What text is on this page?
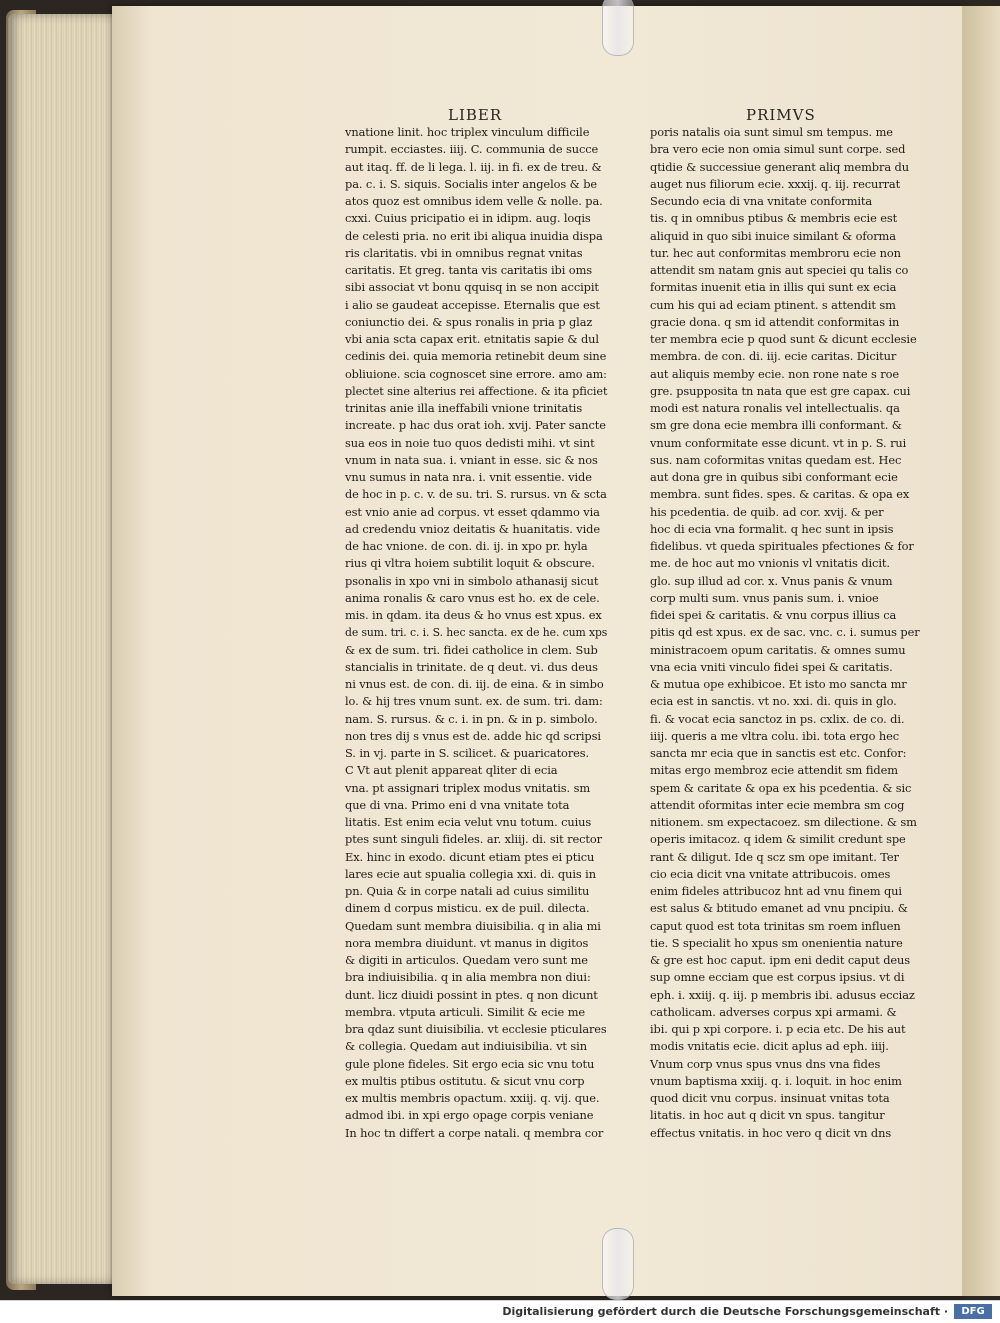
LIBER	PRIMVS
vnatione linit. hoc triplex vinculum difficile
rumpit. ecciastes. iiij. C. communia de succe
aut itaq. ff. de li lega. l. iij. in fi. ex de treu. &
pa. c. i. S. siquis. Socialis inter angelos & be
atos quoz est omnibus idem velle & nolle. pa.
cxxi. Cuius pricipatio ei in idipm. aug. loqis
de celesti pria. no erit ibi aliqua inuidia dispa
ris claritatis. vbi in omnibus regnat vnitas
caritatis. Et greg. tanta vis caritatis ibi oms
sibi associat vt bonu qquisq in se non accipit
i alio se gaudeat accepisse. Eternalis que est
coniunctio dei. & spus ronalis in pria p glaz
vbi ania scta capax erit. etnitatis sapie & dul
cedinis dei. quia memoria retinebit deum sine
obliuione. scia cognoscet sine errore. amo am:
plectet sine alterius rei affectione. & ita pficiet
trinitas anie illa ineffabili vnione trinitatis
increate. p hac dus orat ioh. xvij. Pater sancte
sua eos in noie tuo quos dedisti mihi. vt sint
vnum in nata sua. i. vniant in esse. sic & nos
vnu sumus in nata nra. i. vnit essentie. vide
de hoc in p. c. v. de su. tri. S. rursus. vn & scta
est vnio anie ad corpus. vt esset qdammo via
ad credendu vnioz deitatis & huanitatis. vide
de hac vnione. de con. di. ij. in xpo pr. hyla
rius qi vltra hoiem subtilit loquit & obscure.
psonalis in xpo vni in simbolo athanasij sicut
anima ronalis & caro vnus est ho. ex de cele.
mis. in qdam. ita deus & ho vnus est xpus. ex
de sum. tri. c. i. S. hec sancta. ex de he. cum xps
& ex de sum. tri. fidei catholice in clem. Sub
stancialis in trinitate. de q deut. vi. dus deus
ni vnus est. de con. di. iij. de eina. & in simbo
lo. & hij tres vnum sunt. ex. de sum. tri. dam:
nam. S. rursus. & c. i. in pn. & in p. simbolo.
non tres dij s vnus est de. adde hic qd scripsi
S. in vj. parte in S. scilicet. & puaricatores.
C Vt aut plenit appareat qliter di ecia
vna. pt assignari triplex modus vnitatis. sm
que di vna. Primo eni d vna vnitate tota
litatis. Est enim ecia velut vnu totum. cuius
ptes sunt singuli fideles. ar. xliij. di. sit rector
Ex. hinc in exodo. dicunt etiam ptes ei pticu
lares ecie aut spualia collegia xxi. di. quis in
pn. Quia & in corpe natali ad cuius similitu
dinem d corpus misticu. ex de puil. dilecta.
Quedam sunt membra diuisibilia. q in alia mi
nora membra diuidunt. vt manus in digitos
& digiti in articulos. Quedam vero sunt me
bra indiuisibilia. q in alia membra non diui:
dunt. licz diuidi possint in ptes. q non dicunt
membra. vtputa articuli. Similit & ecie me
bra qdaz sunt diuisibilia. vt ecclesie pticulares
& collegia. Quedam aut indiuisibilia. vt sin
gule plone fideles. Sit ergo ecia sic vnu totu
ex multis ptibus ostitutu. & sicut vnu corp
ex multis membris opactum. xxiij. q. vij. que.
admod ibi. in xpi ergo opage corpis veniane
In hoc tn differt a corpe natali. q membra cor
poris natalis oia sunt simul sm tempus. me
bra vero ecie non omia simul sunt corpe. sed
qtidie & successiue generant aliq membra du
auget nus filiorum ecie. xxxij. q. iij. recurrat
Secundo ecia di vna vnitate conformita
tis. q in omnibus ptibus & membris ecie est
aliquid in quo sibi inuice similant & oforma
tur. hec aut conformitas membroru ecie non
attendit sm natam gnis aut speciei qu talis co
formitas inuenit etia in illis qui sunt ex ecia
cum his qui ad eciam ptinent. s attendit sm
gracie dona. q sm id attendit conformitas in
ter membra ecie p quod sunt & dicunt ecclesie
membra. de con. di. iij. ecie caritas. Dicitur
aut aliquis memby ecie. non rone nate s roe
gre. psupposita tn nata que est gre capax. cui
modi est natura ronalis vel intellectualis. qa
sm gre dona ecie membra illi conformant. &
vnum conformitate esse dicunt. vt in p. S. rui
sus. nam coformitas vnitas quedam est. Hec
aut dona gre in quibus sibi conformant ecie
membra. sunt fides. spes. & caritas. & opa ex
his pcedentia. de quib. ad cor. xvij. & per
hoc di ecia vna formalit. q hec sunt in ipsis
fidelibus. vt queda spirituales pfectiones & for
me. de hoc aut mo vnionis vl vnitatis dicit.
glo. sup illud ad cor. x. Vnus panis & vnum
corp multi sum. vnus panis sum. i. vnioe
fidei spei & caritatis. & vnu corpus illius ca
pitis qd est xpus. ex de sac. vnc. c. i. sumus per
ministracoem opum caritatis. & omnes sumu
vna ecia vniti vinculo fidei spei & caritatis.
& mutua ope exhibicoe. Et isto mo sancta mr
ecia est in sanctis. vt no. xxi. di. quis in glo.
fi. & vocat ecia sanctoz in ps. cxlix. de co. di.
iiij. queris a me vltra colu. ibi. tota ergo hec
sancta mr ecia que in sanctis est etc. Confor:
mitas ergo membroz ecie attendit sm fidem
spem & caritate & opa ex his pcedentia. & sic
attendit oformitas inter ecie membra sm cog
nitionem. sm expectacoez. sm dilectione. & sm
operis imitacoz. q idem & similit credunt spe
rant & diligut. Ide q scz sm ope imitant. Ter
cio ecia dicit vna vnitate attribucois. omes
enim fideles attribucoz hnt ad vnu finem qui
est salus & btitudo emanet ad vnu pncipiu. &
caput quod est tota trinitas sm roem influen
tie. S specialit ho xpus sm onenientia nature
& gre est hoc caput. ipm eni dedit caput deus
sup omne ecciam que est corpus ipsius. vt di
eph. i. xxiij. q. iij. p membris ibi. adusus ecciaz
catholicam. adverses corpus xpi armami. &
ibi. qui p xpi corpore. i. p ecia etc. De his aut
modis vnitatis ecie. dicit aplus ad eph. iiij.
Vnum corp vnus spus vnus dns vna fides
vnum baptisma xxiij. q. i. loquit. in hoc enim
quod dicit vnu corpus. insinuat vnitas tota
litatis. in hoc aut q dicit vn spus. tangitur
effectus vnitatis. in hoc vero q dicit vn dns
Digitalisierung gefördert durch die Deutsche Forschungsgemeinschaft ·	DFG
